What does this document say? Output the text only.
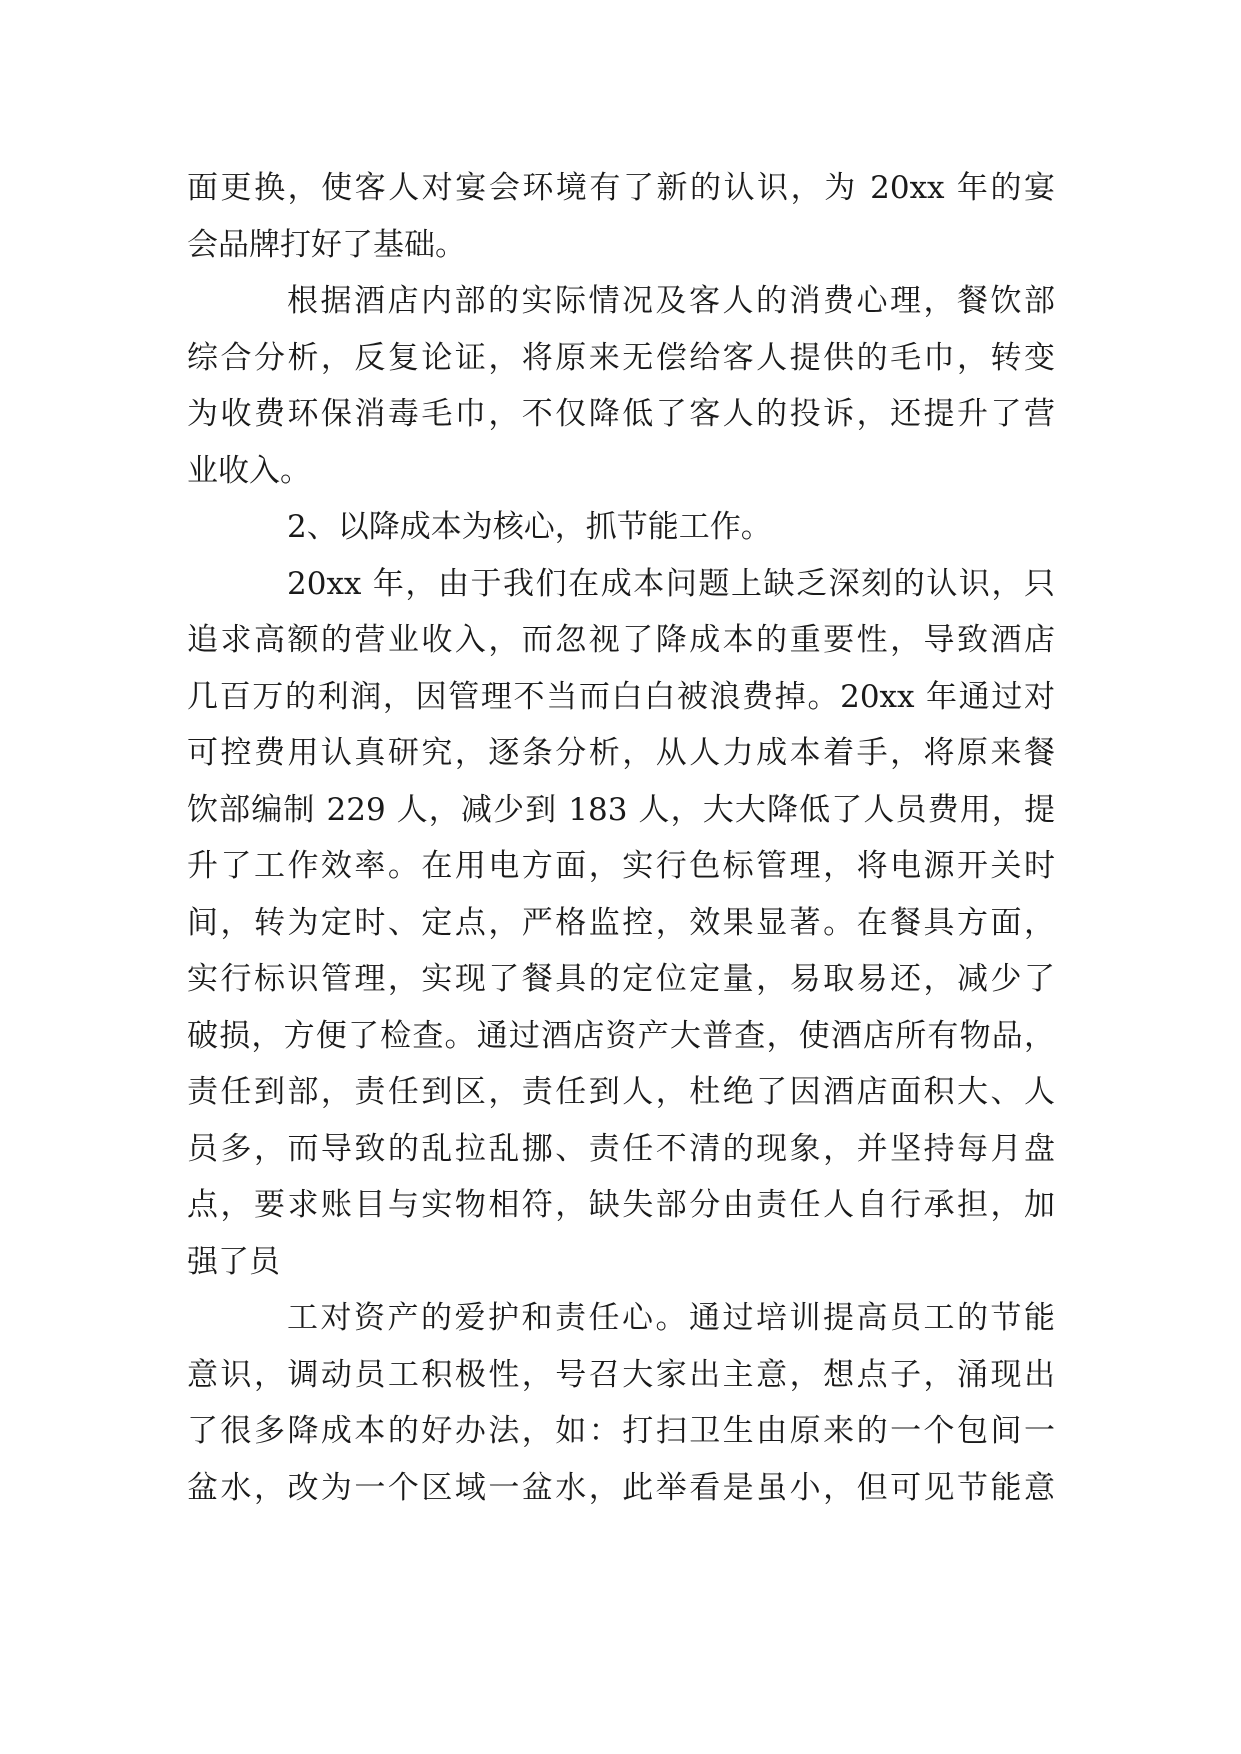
面更换，使客人对宴会环境有了新的认识，为 20xx 年的宴
会品牌打好了基础。
根据酒店内部的实际情况及客人的消费心理，餐饮部
综合分析，反复论证，将原来无偿给客人提供的毛巾，转变
为收费环保消毒毛巾，不仅降低了客人的投诉，还提升了营
业收入。
2、以降成本为核心，抓节能工作。
20xx 年，由于我们在成本问题上缺乏深刻的认识，只
追求高额的营业收入，而忽视了降成本的重要性，导致酒店
几百万的利润，因管理不当而白白被浪费掉。20xx 年通过对
可控费用认真研究，逐条分析，从人力成本着手，将原来餐
饮部编制 229 人，减少到 183 人，大大降低了人员费用，提
升了工作效率。在用电方面，实行色标管理，将电源开关时
间，转为定时、定点，严格监控，效果显著。在餐具方面，
实行标识管理，实现了餐具的定位定量，易取易还，减少了
破损，方便了检查。通过酒店资产大普查，使酒店所有物品，
责任到部，责任到区，责任到人，杜绝了因酒店面积大、人
员多，而导致的乱拉乱挪、责任不清的现象，并坚持每月盘
点，要求账目与实物相符，缺失部分由责任人自行承担，加
强了员
工对资产的爱护和责任心。通过培训提高员工的节能
意识，调动员工积极性，号召大家出主意，想点子，涌现出
了很多降成本的好办法，如：打扫卫生由原来的一个包间一
盆水，改为一个区域一盆水，此举看是虽小，但可见节能意
